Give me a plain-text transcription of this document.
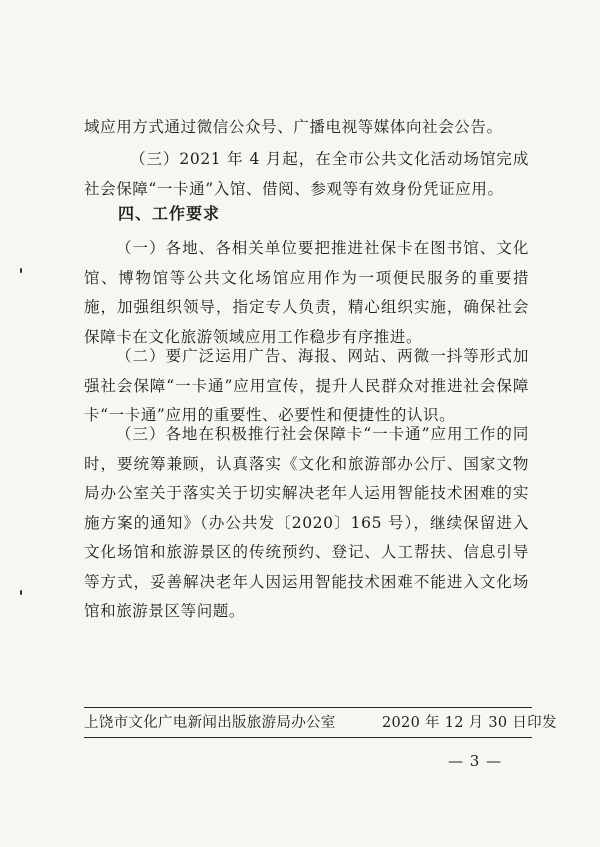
域应用方式通过微信公众号、广播电视等媒体向社会公告。

（三）2021 年 4 月起，在全市公共文化活动场馆完成社会保障“一卡通”入馆、借阅、参观等有效身份凭证应用。

四、工作要求

（一）各地、各相关单位要把推进社保卡在图书馆、文化馆、博物馆等公共文化场馆应用作为一项便民服务的重要措施，加强组织领导，指定专人负责，精心组织实施，确保社会保障卡在文化旅游领域应用工作稳步有序推进。

（二）要广泛运用广告、海报、网站、两微一抖等形式加强社会保障“一卡通”应用宣传，提升人民群众对推进社会保障卡“一卡通”应用的重要性、必要性和便捷性的认识。

（三）各地在积极推行社会保障卡“一卡通”应用工作的同时，要统筹兼顾，认真落实《文化和旅游部办公厅、国家文物局办公室关于落实关于切实解决老年人运用智能技术困难的实施方案的通知》（办公共发〔2020〕165 号），继续保留进入文化场馆和旅游景区的传统预约、登记、人工帮扶、信息引导等方式，妥善解决老年人因运用智能技术困难不能进入文化场馆和旅游景区等问题。

上饶市文化广电新闻出版旅游局办公室	2020 年 12 月 30 日印发

— 3 —
